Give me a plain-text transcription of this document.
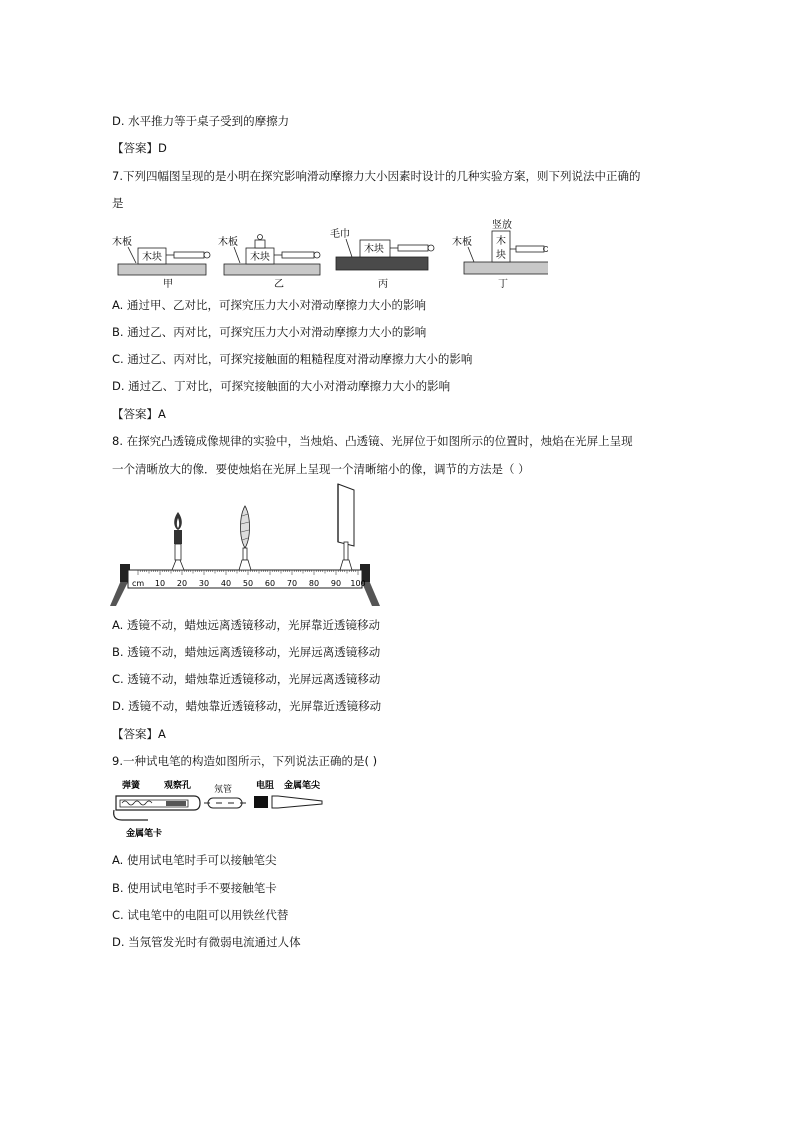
D. 水平推力等于桌子受到的摩擦力
【答案】D
7.下列四幅图呈现的是小明在探究影响滑动摩擦力大小因素时设计的几种实验方案，则下列说法中正确的
是
木板
木块
甲
木板
木块
乙
毛巾
木块
丙
木板
竖放
木
块
丁
A. 通过甲、乙对比，可探究压力大小对滑动摩擦力大小的影响
B. 通过乙、丙对比，可探究压力大小对滑动摩擦力大小的影响
C. 通过乙、丙对比，可探究接触面的粗糙程度对滑动摩擦力大小的影响
D. 通过乙、丁对比，可探究接触面的大小对滑动摩擦力大小的影响
【答案】A
8. 在探究凸透镜成像规律的实验中，当烛焰、凸透镜、光屏位于如图所示的位置时，烛焰在光屏上呈现
一个清晰放大的像．要使烛焰在光屏上呈现一个清晰缩小的像，调节的方法是（ ）
cm 10 20 30 40 50 60 70 80 90 100
A. 透镜不动，蜡烛远离透镜移动，光屏靠近透镜移动
B. 透镜不动，蜡烛远离透镜移动，光屏远离透镜移动
C. 透镜不动，蜡烛靠近透镜移动，光屏远离透镜移动
D. 透镜不动，蜡烛靠近透镜移动，光屏靠近透镜移动
【答案】A
9.一种试电笔的构造如图所示，下列说法正确的是( )
弹簧	观察孔	氖管	电阻 金属笔尖
金属笔卡
A. 使用试电笔时手可以接触笔尖
B. 使用试电笔时手不要接触笔卡
C. 试电笔中的电阻可以用铁丝代替
D. 当氖管发光时有微弱电流通过人体
